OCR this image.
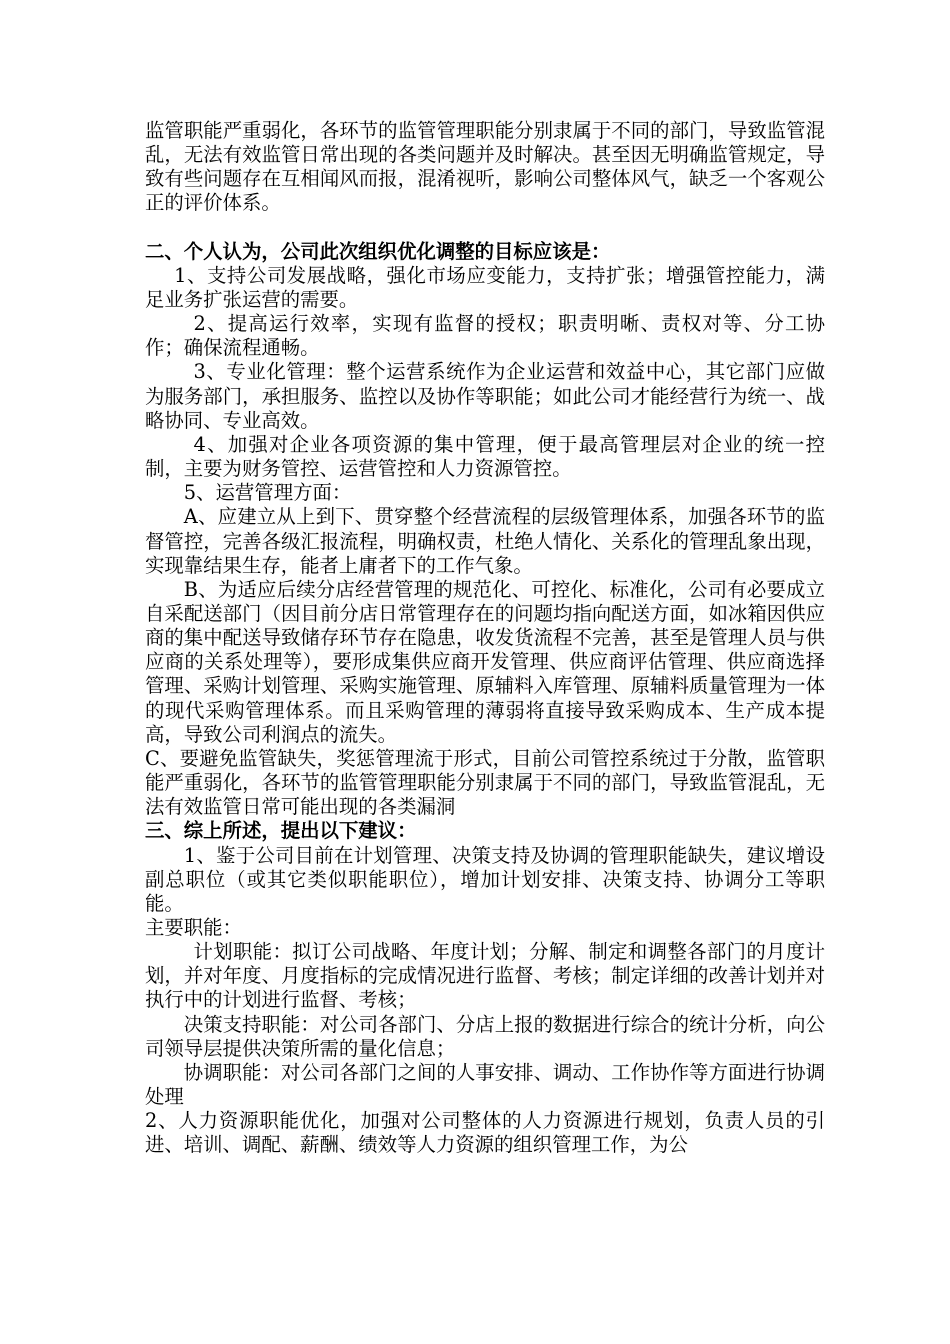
监管职能严重弱化，各环节的监管管理职能分别隶属于不同的部门，导致监管混乱，无法有效监管日常出现的各类问题并及时解决。甚至因无明确监管规定，导致有些问题存在互相闻风而报，混淆视听，影响公司整体风气，缺乏一个客观公正的评价体系。

二、个人认为，公司此次组织优化调整的目标应该是：

1、支持公司发展战略，强化市场应变能力，支持扩张；增强管控能力，满足业务扩张运营的需要。

2、提高运行效率，实现有监督的授权；职责明晰、责权对等、分工协作；确保流程通畅。

3、专业化管理：整个运营系统作为企业运营和效益中心，其它部门应做为服务部门，承担服务、监控以及协作等职能；如此公司才能经营行为统一、战略协同、专业高效。

4、加强对企业各项资源的集中管理，便于最高管理层对企业的统一控制，主要为财务管控、运营管控和人力资源管控。

5、运营管理方面：

A、应建立从上到下、贯穿整个经营流程的层级管理体系，加强各环节的监督管控，完善各级汇报流程，明确权责，杜绝人情化、关系化的管理乱象出现，实现靠结果生存，能者上庸者下的工作气象。

B、为适应后续分店经营管理的规范化、可控化、标准化，公司有必要成立自采配送部门（因目前分店日常管理存在的问题均指向配送方面，如冰箱因供应商的集中配送导致储存环节存在隐患，收发货流程不完善，甚至是管理人员与供应商的关系处理等），要形成集供应商开发管理、供应商评估管理、供应商选择管理、采购计划管理、采购实施管理、原辅料入库管理、原辅料质量管理为一体的现代采购管理体系。而且采购管理的薄弱将直接导致采购成本、生产成本提高，导致公司利润点的流失。

C、要避免监管缺失，奖惩管理流于形式，目前公司管控系统过于分散，监管职能严重弱化，各环节的监管管理职能分别隶属于不同的部门，导致监管混乱，无法有效监管日常可能出现的各类漏洞

三、综上所述，提出以下建议：

1、鉴于公司目前在计划管理、决策支持及协调的管理职能缺失，建议增设副总职位（或其它类似职能职位），增加计划安排、决策支持、协调分工等职能。

主要职能：

计划职能：拟订公司战略、年度计划；分解、制定和调整各部门的月度计划，并对年度、月度指标的完成情况进行监督、考核；制定详细的改善计划并对执行中的计划进行监督、考核；

决策支持职能：对公司各部门、分店上报的数据进行综合的统计分析，向公司领导层提供决策所需的量化信息；

协调职能：对公司各部门之间的人事安排、调动、工作协作等方面进行协调处理

2、人力资源职能优化，加强对公司整体的人力资源进行规划，负责人员的引进、培训、调配、薪酬、绩效等人力资源的组织管理工作，为公
